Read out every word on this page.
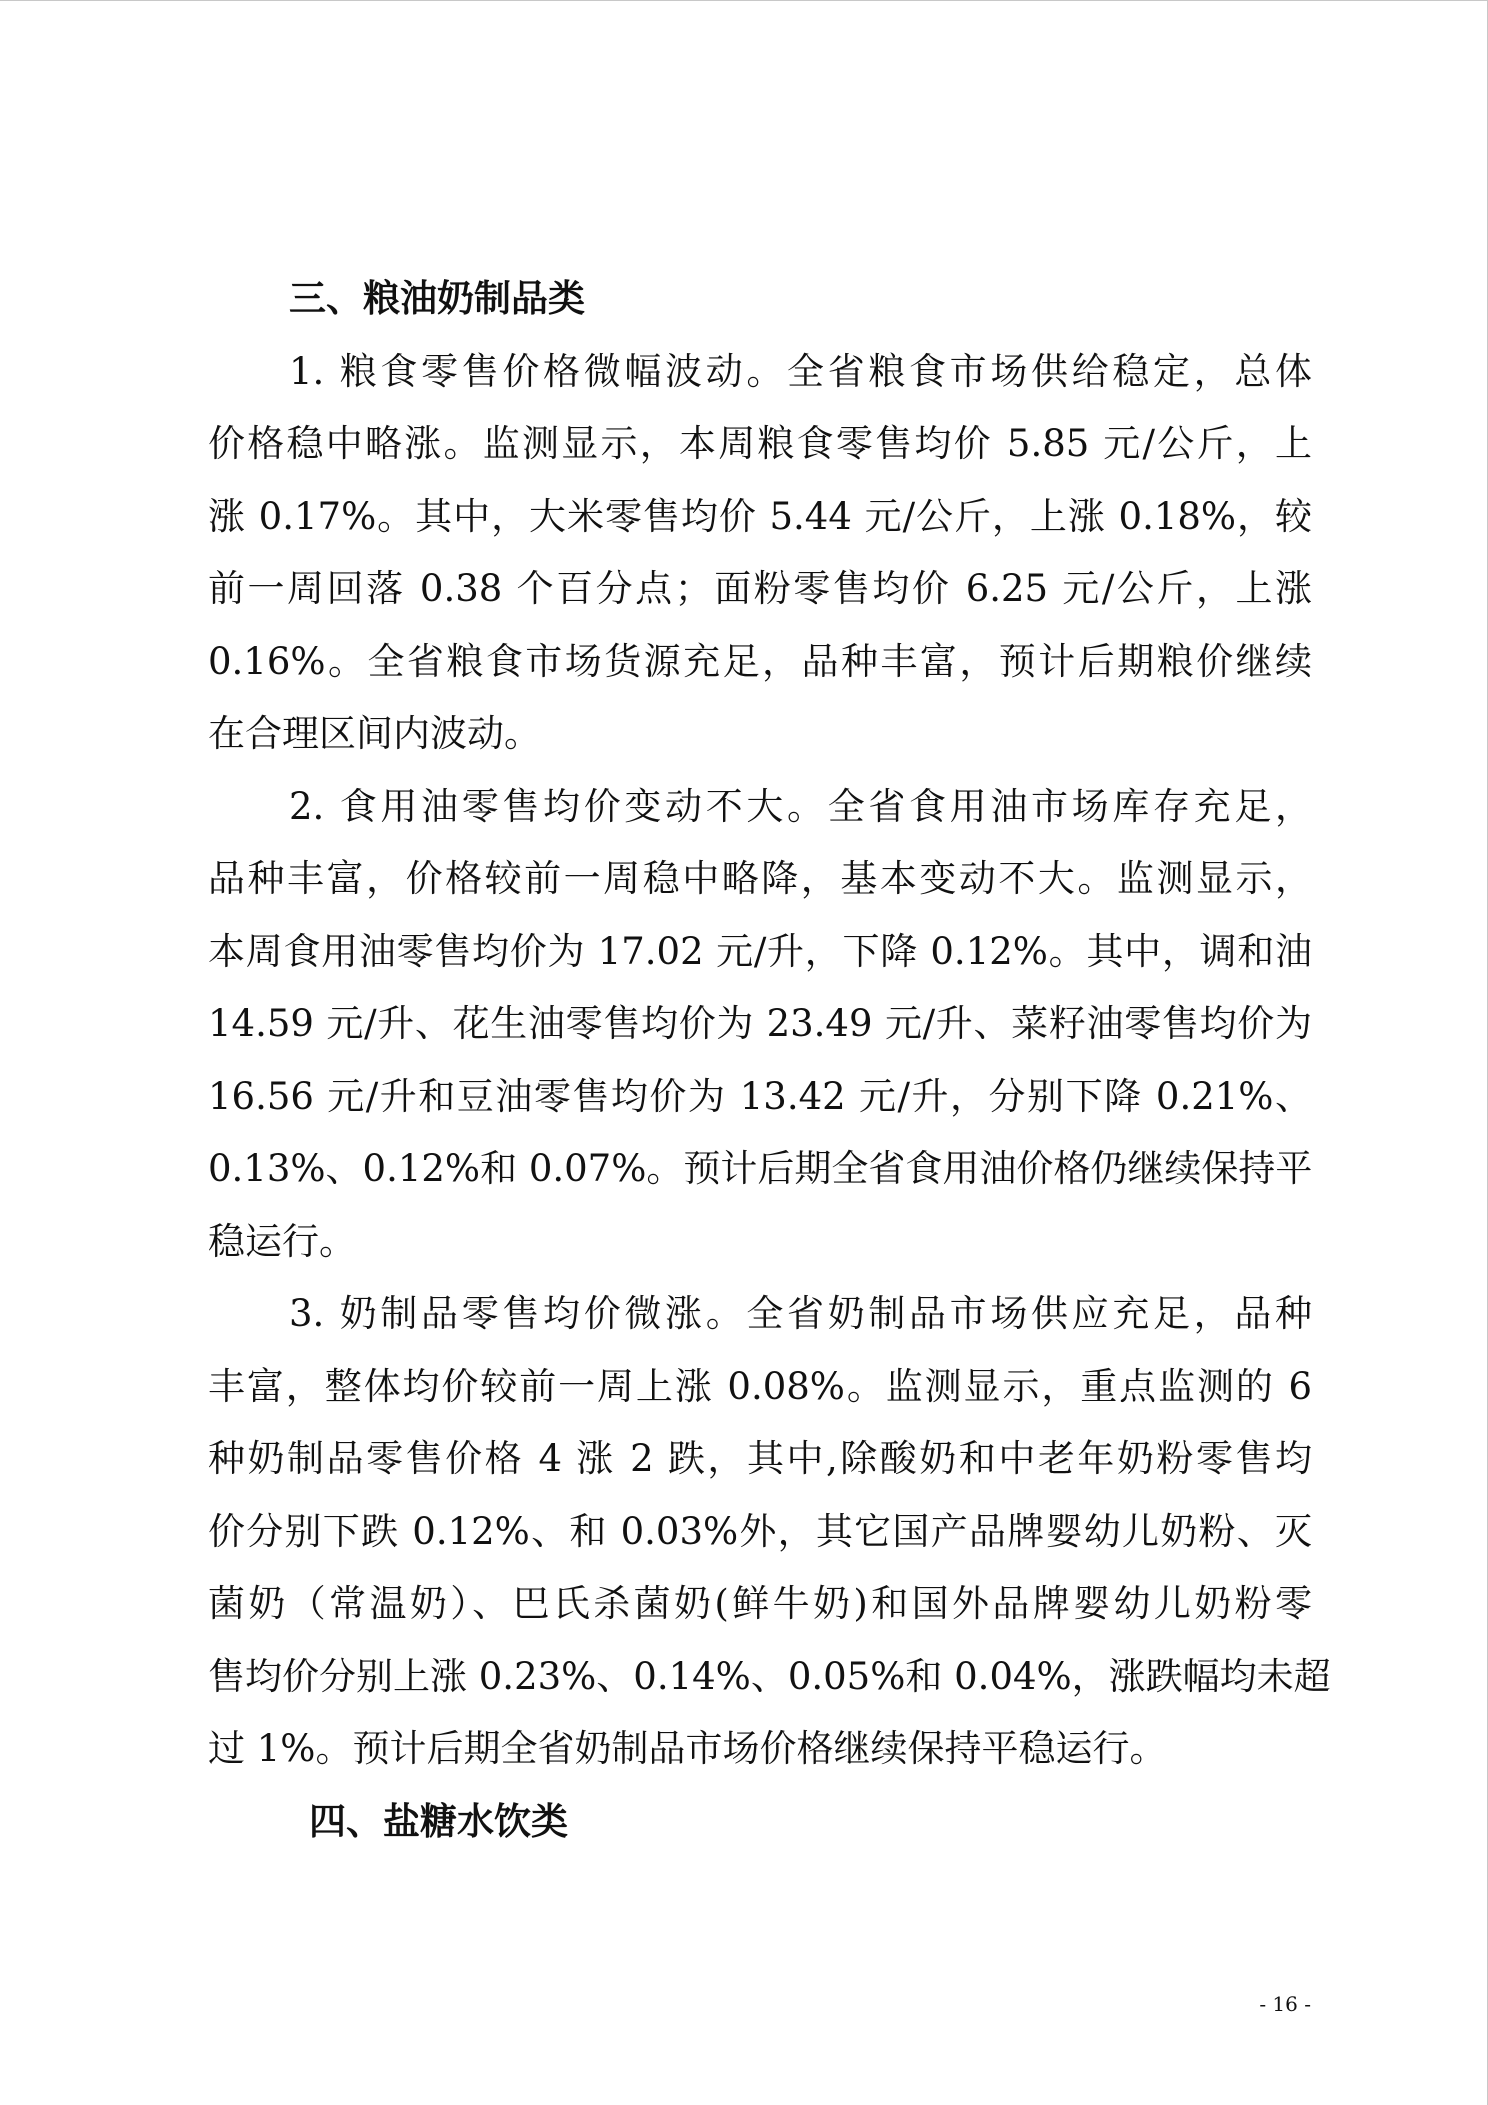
三、粮油奶制品类
1. 粮食零售价格微幅波动。全省粮食市场供给稳定，总体
价格稳中略涨。监测显示，本周粮食零售均价 5.85 元/公斤，上
涨 0.17%。其中，大米零售均价 5.44 元/公斤，上涨 0.18%，较
前一周回落 0.38 个百分点；面粉零售均价 6.25 元/公斤，上涨
0.16%。全省粮食市场货源充足，品种丰富，预计后期粮价继续
在合理区间内波动。
2. 食用油零售均价变动不大。全省食用油市场库存充足，
品种丰富，价格较前一周稳中略降，基本变动不大。监测显示，
本周食用油零售均价为 17.02 元/升，下降 0.12%。其中，调和油
14.59 元/升、花生油零售均价为 23.49 元/升、菜籽油零售均价为
16.56 元/升和豆油零售均价为 13.42 元/升，分别下降 0.21%、
0.13%、0.12%和 0.07%。预计后期全省食用油价格仍继续保持平
稳运行。
3. 奶制品零售均价微涨。全省奶制品市场供应充足，品种
丰富，整体均价较前一周上涨 0.08%。监测显示，重点监测的 6
种奶制品零售价格 4 涨 2 跌，其中,除酸奶和中老年奶粉零售均
价分别下跌 0.12%、和 0.03%外，其它国产品牌婴幼儿奶粉、灭
菌奶（常温奶）、巴氏杀菌奶(鲜牛奶)和国外品牌婴幼儿奶粉零
售均价分别上涨 0.23%、0.14%、0.05%和 0.04%，涨跌幅均未超
过 1%。预计后期全省奶制品市场价格继续保持平稳运行。
四、盐糖水饮类
- 16 -
